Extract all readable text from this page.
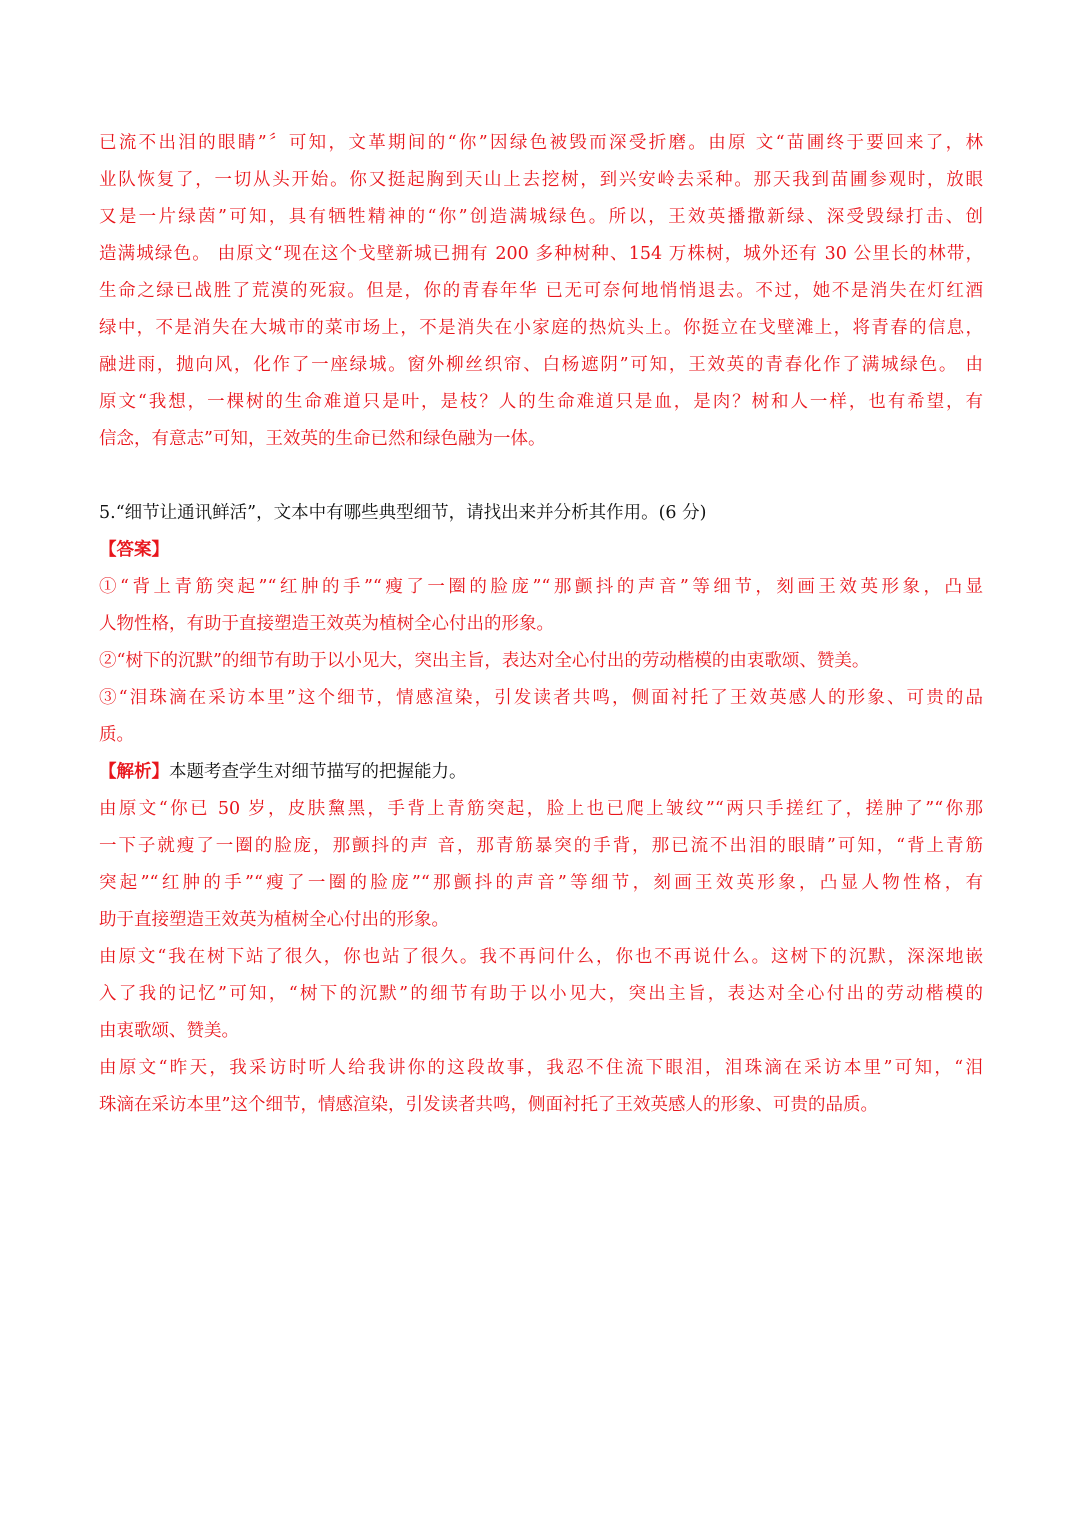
已流不出泪的眼睛”〞可知，文革期间的“你”因绿色被毁而深受折磨。由原 文“苗圃终于要回来了，林
业队恢复了，一切从头开始。你又挺起胸到天山上去挖树，到兴安岭去采种。那天我到苗圃参观时，放眼
又是一片绿茵”可知，具有牺牲精神的“你”创造满城绿色。所以，王效英播撒新绿、深受毁绿打击、创
造满城绿色。 由原文“现在这个戈壁新城已拥有 200 多种树种、154 万株树，城外还有 30 公里长的林带，
生命之绿已战胜了荒漠的死寂。但是，你的青春年华 已无可奈何地悄悄退去。不过，她不是消失在灯红酒
绿中，不是消失在大城市的菜市场上，不是消失在小家庭的热炕头上。你挺立在戈壁滩上，将青春的信息，
融进雨，抛向风，化作了一座绿城。窗外柳丝织帘、白杨遮阴”可知，王效英的青春化作了满城绿色。 由
原文“我想，一棵树的生命难道只是叶，是枝？人的生命难道只是血，是肉？树和人一样，也有希望，有
信念，有意志”可知，王效英的生命已然和绿色融为一体。
5.“细节让通讯鲜活”，文本中有哪些典型细节，请找出来并分析其作用。(6 分)
【答案】
①“背上青筋突起”“红肿的手”“瘦了一圈的脸庞”“那颤抖的声音”等细节，刻画王效英形象，凸显
人物性格，有助于直接塑造王效英为植树全心付出的形象。
②“树下的沉默”的细节有助于以小见大，突出主旨，表达对全心付出的劳动楷模的由衷歌颂、赞美。
③“泪珠滴在采访本里”这个细节，情感渲染，引发读者共鸣，侧面衬托了王效英感人的形象、可贵的品
质。
【解析】本题考查学生对细节描写的把握能力。
由原文“你已 50 岁，皮肤黧黑，手背上青筋突起，脸上也已爬上皱纹”“两只手搓红了，搓肿了”“你那
一下子就瘦了一圈的脸庞，那颤抖的声 音，那青筋暴突的手背，那已流不出泪的眼睛”可知，“背上青筋
突起”“红肿的手”“瘦了一圈的脸庞”“那颤抖的声音”等细节，刻画王效英形象，凸显人物性格，有
助于直接塑造王效英为植树全心付出的形象。
由原文“我在树下站了很久，你也站了很久。我不再问什么，你也不再说什么。这树下的沉默，深深地嵌
入了我的记忆”可知，“树下的沉默”的细节有助于以小见大，突出主旨，表达对全心付出的劳动楷模的
由衷歌颂、赞美。
由原文“昨天，我采访时听人给我讲你的这段故事，我忍不住流下眼泪，泪珠滴在采访本里”可知，“泪
珠滴在采访本里”这个细节，情感渲染，引发读者共鸣，侧面衬托了王效英感人的形象、可贵的品质。
